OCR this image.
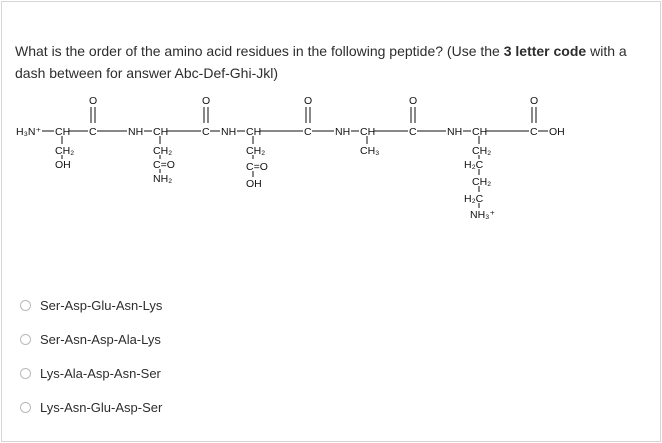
What is the order of the amino acid residues in the following peptide? (Use the 3 letter code with a dash between for answer Abc-Def-Ghi-Jkl)
H₃N⁺ CH C
O
NH CH	C
O
NH CH	C
O
NH CH	C
O
NH CH	C
O
OH
CH₂
OH
CH₂
C=O
NH₂
CH₂
C=O
OH
CH₃	CH₂
H₂C
CH₂
H₂C
NH₃⁺
Ser-Asp-Glu-Asn-Lys
Ser-Asn-Asp-Ala-Lys
Lys-Ala-Asp-Asn-Ser
Lys-Asn-Glu-Asp-Ser
